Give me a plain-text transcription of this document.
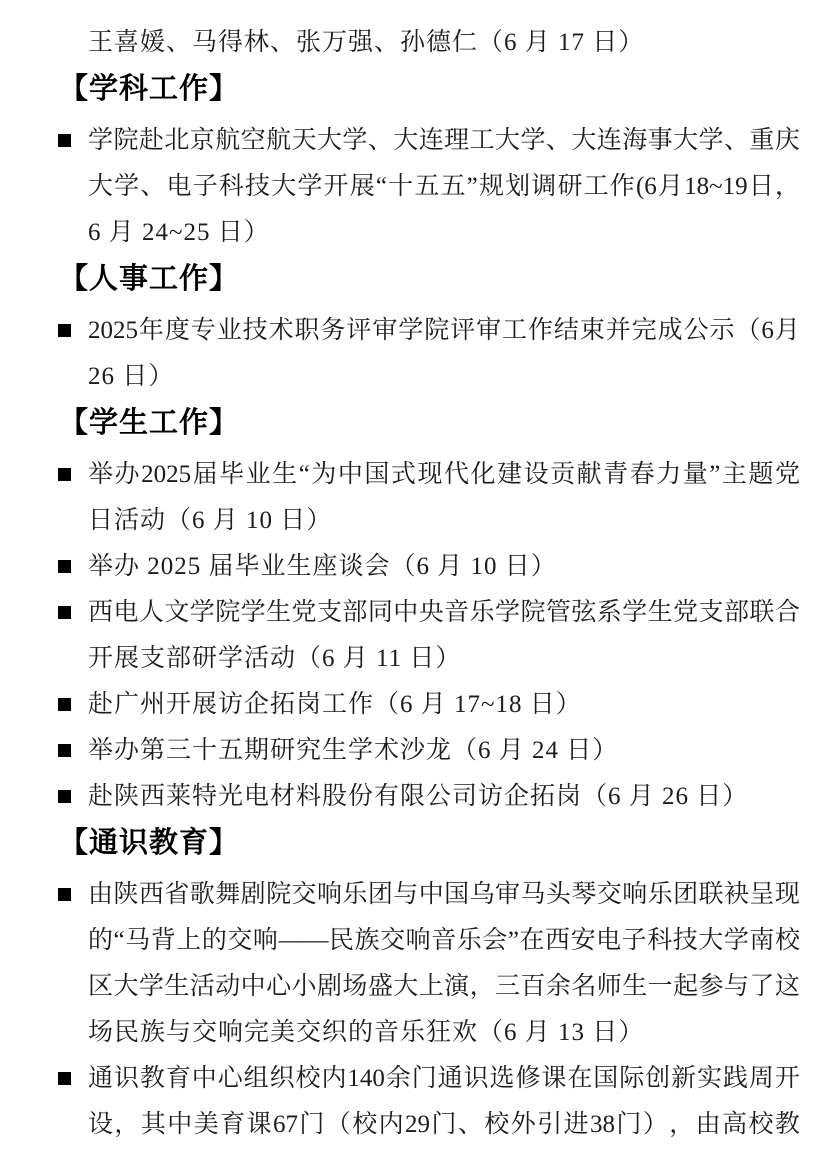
王喜媛、马得林、张万强、孙德仁（6 月 17 日）
【学科工作】
学 院 赴 北 京 航 空 航 天 大 学 、 大 连 理 工 大 学 、 大 连 海 事 大 学 、 重 庆
大 学 、 电 子 科 技 大 学 开 展 “ 十 五 五 ” 规 划 调 研 工 作 (6 月 18~19 日 ，
6 月 24~25 日）
【人事工作】
2025 年 度 专 业 技 术 职 务 评 审 学 院 评 审 工 作 结 束 并 完 成 公 示 （ 6 月
26 日）
【学生工作】
举 办 2025 届 毕 业 生 “ 为 中 国 式 现 代 化 建 设 贡 献 青 春 力 量 ” 主 题 党
日活动（6 月 10 日）
举办 2025 届毕业生座谈会（6 月 10 日）
西 电 人 文 学 院 学 生 党 支 部 同 中 央 音 乐 学 院 管 弦 系 学 生 党 支 部 联 合
开展支部研学活动（6 月 11 日）
赴广州开展访企拓岗工作（6 月 17~18 日）
举办第三十五期研究生学术沙龙（6 月 24 日）
赴陕西莱特光电材料股份有限公司访企拓岗（6 月 26 日）
【通识教育】
由 陕 西 省 歌 舞 剧 院 交 响 乐 团 与 中 国 乌 审 马 头 琴 交 响 乐 团 联 袂 呈 现
的 “ 马 背 上 的 交 响 —— 民 族 交 响 音 乐 会 ” 在 西 安 电 子 科 技 大 学 南 校
区 大 学 生 活 动 中 心 小 剧 场 盛 大 上 演 ， 三 百 余 名 师 生 一 起 参 与 了 这
场民族与交响完美交织的音乐狂欢（6 月 13 日）
通 识 教 育 中 心 组 织 校 内 140 余 门 通 识 选 修 课 在 国 际 创 新 实 践 周 开
设 ， 其 中 美 育 课 67 门 （ 校 内 29 门 、 校 外 引 进 38 门 ） ， 由 高 校 教
